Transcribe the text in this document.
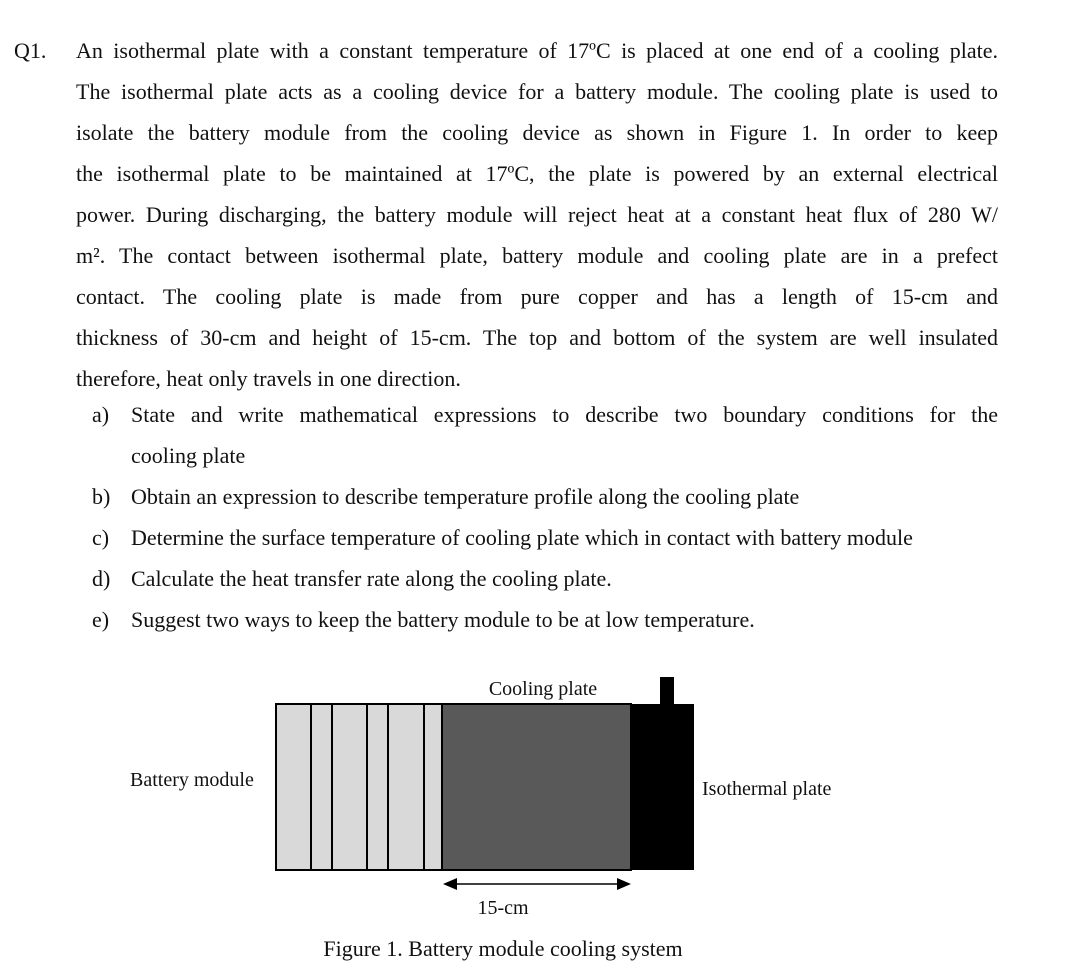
Q1. An isothermal plate with a constant temperature of 17ºC is placed at one end of a cooling plate.
The isothermal plate acts as a cooling device for a battery module. The cooling plate is used to
isolate the battery module from the cooling device as shown in Figure 1. In order to keep
the isothermal plate to be maintained at 17ºC, the plate is powered by an external electrical
power. During discharging, the battery module will reject heat at a constant heat flux of 280 W/
m². The contact between isothermal plate, battery module and cooling plate are in a prefect
contact. The cooling plate is made from pure copper and has a length of 15-cm and
thickness of 30-cm and height of 15-cm. The top and bottom of the system are well insulated
therefore, heat only travels in one direction.
a) State and write mathematical expressions to describe two boundary conditions for the
cooling plate
b) Obtain an expression to describe temperature profile along the cooling plate
c) Determine the surface temperature of cooling plate which in contact with battery module
d) Calculate the heat transfer rate along the cooling plate.
e) Suggest two ways to keep the battery module to be at low temperature.
Cooling plate
Battery module	Isothermal plate
15-cm
Figure 1. Battery module cooling system
